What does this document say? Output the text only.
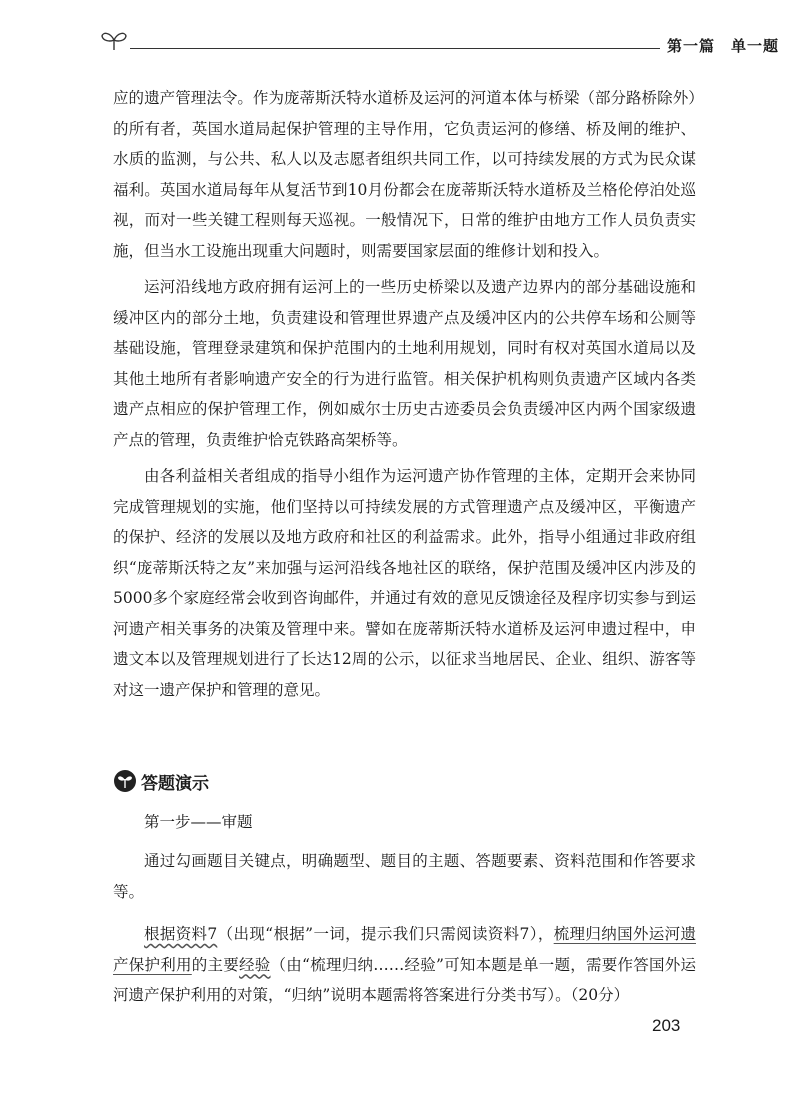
第一篇　单一题

应的遗产管理法令。作为庞蒂斯沃特水道桥及运河的河道本体与桥梁（部分路桥除外）的所有者，英国水道局起保护管理的主导作用，它负责运河的修缮、桥及闸的维护、水质的监测，与公共、私人以及志愿者组织共同工作，以可持续发展的方式为民众谋福利。英国水道局每年从复活节到10月份都会在庞蒂斯沃特水道桥及兰格伦停泊处巡视，而对一些关键工程则每天巡视。一般情况下，日常的维护由地方工作人员负责实施，但当水工设施出现重大问题时，则需要国家层面的维修计划和投入。

运河沿线地方政府拥有运河上的一些历史桥梁以及遗产边界内的部分基础设施和缓冲区内的部分土地，负责建设和管理世界遗产点及缓冲区内的公共停车场和公厕等基础设施，管理登录建筑和保护范围内的土地利用规划，同时有权对英国水道局以及其他土地所有者影响遗产安全的行为进行监管。相关保护机构则负责遗产区域内各类遗产点相应的保护管理工作，例如威尔士历史古迹委员会负责缓冲区内两个国家级遗产点的管理，负责维护恰克铁路高架桥等。

由各利益相关者组成的指导小组作为运河遗产协作管理的主体，定期开会来协同完成管理规划的实施，他们坚持以可持续发展的方式管理遗产点及缓冲区，平衡遗产的保护、经济的发展以及地方政府和社区的利益需求。此外，指导小组通过非政府组织“庞蒂斯沃特之友”来加强与运河沿线各地社区的联络，保护范围及缓冲区内涉及的5000多个家庭经常会收到咨询邮件，并通过有效的意见反馈途径及程序切实参与到运河遗产相关事务的决策及管理中来。譬如在庞蒂斯沃特水道桥及运河申遗过程中，申遗文本以及管理规划进行了长达12周的公示，以征求当地居民、企业、组织、游客等对这一遗产保护和管理的意见。

答题演示

第一步——审题

通过勾画题目关键点，明确题型、题目的主题、答题要素、资料范围和作答要求等。

根据资料7（出现“根据”一词，提示我们只需阅读资料7），梳理归纳国外运河遗产保护利用的主要经验（由“梳理归纳……经验”可知本题是单一题，需要作答国外运河遗产保护利用的对策，“归纳”说明本题需将答案进行分类书写）。（20分）

203
